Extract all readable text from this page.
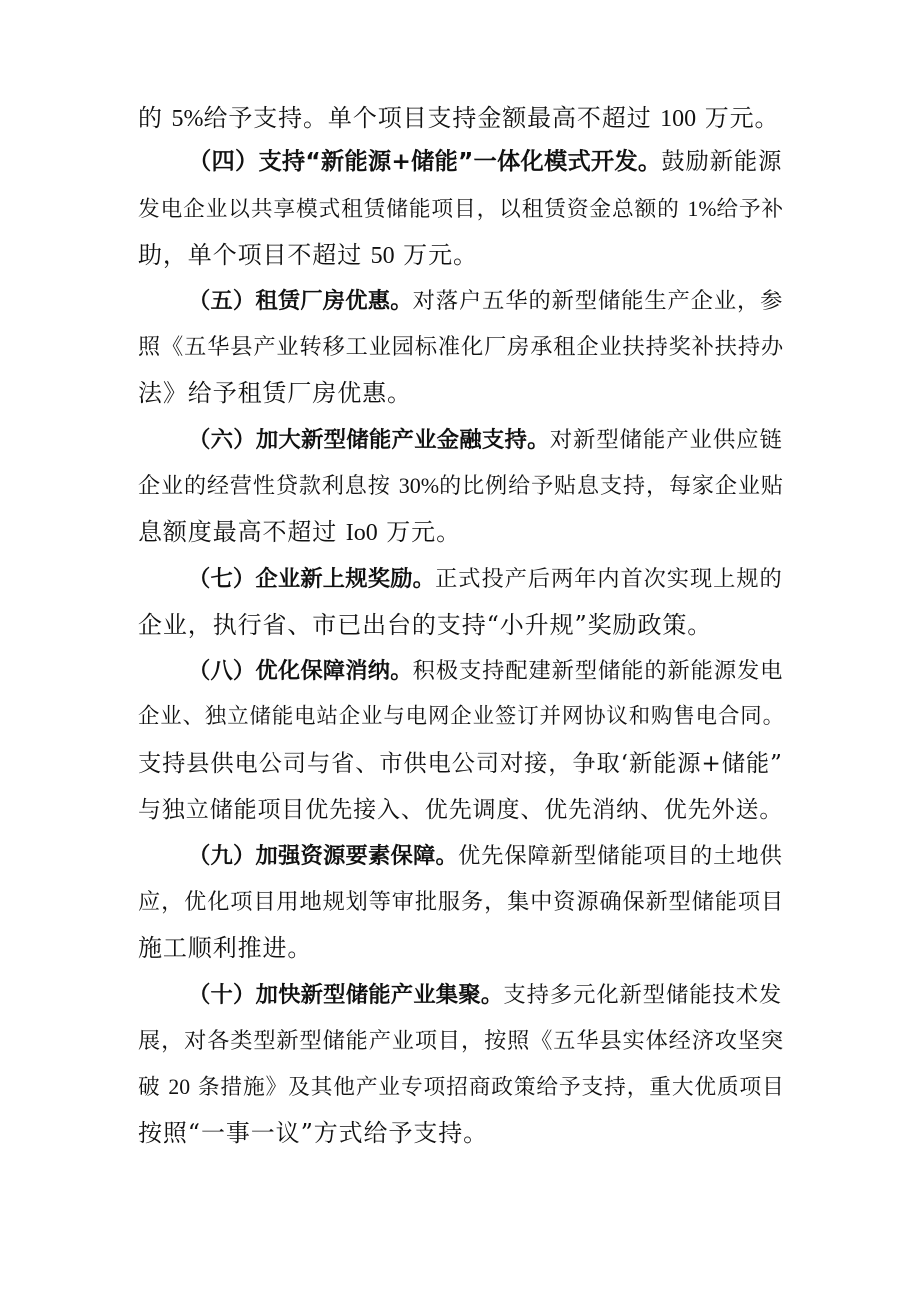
的 5%给予支持。单个项目支持金额最高不超过 100 万元。
（四）支持“新能源+储能”一体化模式开发。鼓励新能源
发电企业以共享模式租赁储能项目，以租赁资金总额的 1%给予补
助，单个项目不超过 50 万元。
（五）租赁厂房优惠。对落户五华的新型储能生产企业，参
照《五华县产业转移工业园标准化厂房承租企业扶持奖补扶持办
法》给予租赁厂房优惠。
（六）加大新型储能产业金融支持。对新型储能产业供应链
企业的经营性贷款利息按 30%的比例给予贴息支持，每家企业贴
息额度最高不超过 Io0 万元。
（七）企业新上规奖励。正式投产后两年内首次实现上规的
企业，执行省、市已出台的支持“小升规”奖励政策。
（八）优化保障消纳。积极支持配建新型储能的新能源发电
企业、独立储能电站企业与电网企业签订并网协议和购售电合同。
支持县供电公司与省、市供电公司对接，争取‘新能源+储能”
与独立储能项目优先接入、优先调度、优先消纳、优先外送。
（九）加强资源要素保障。优先保障新型储能项目的土地供
应，优化项目用地规划等审批服务，集中资源确保新型储能项目
施工顺利推进。
（十）加快新型储能产业集聚。支持多元化新型储能技术发
展，对各类型新型储能产业项目，按照《五华县实体经济攻坚突
破 20 条措施》及其他产业专项招商政策给予支持，重大优质项目
按照“一事一议”方式给予支持。
